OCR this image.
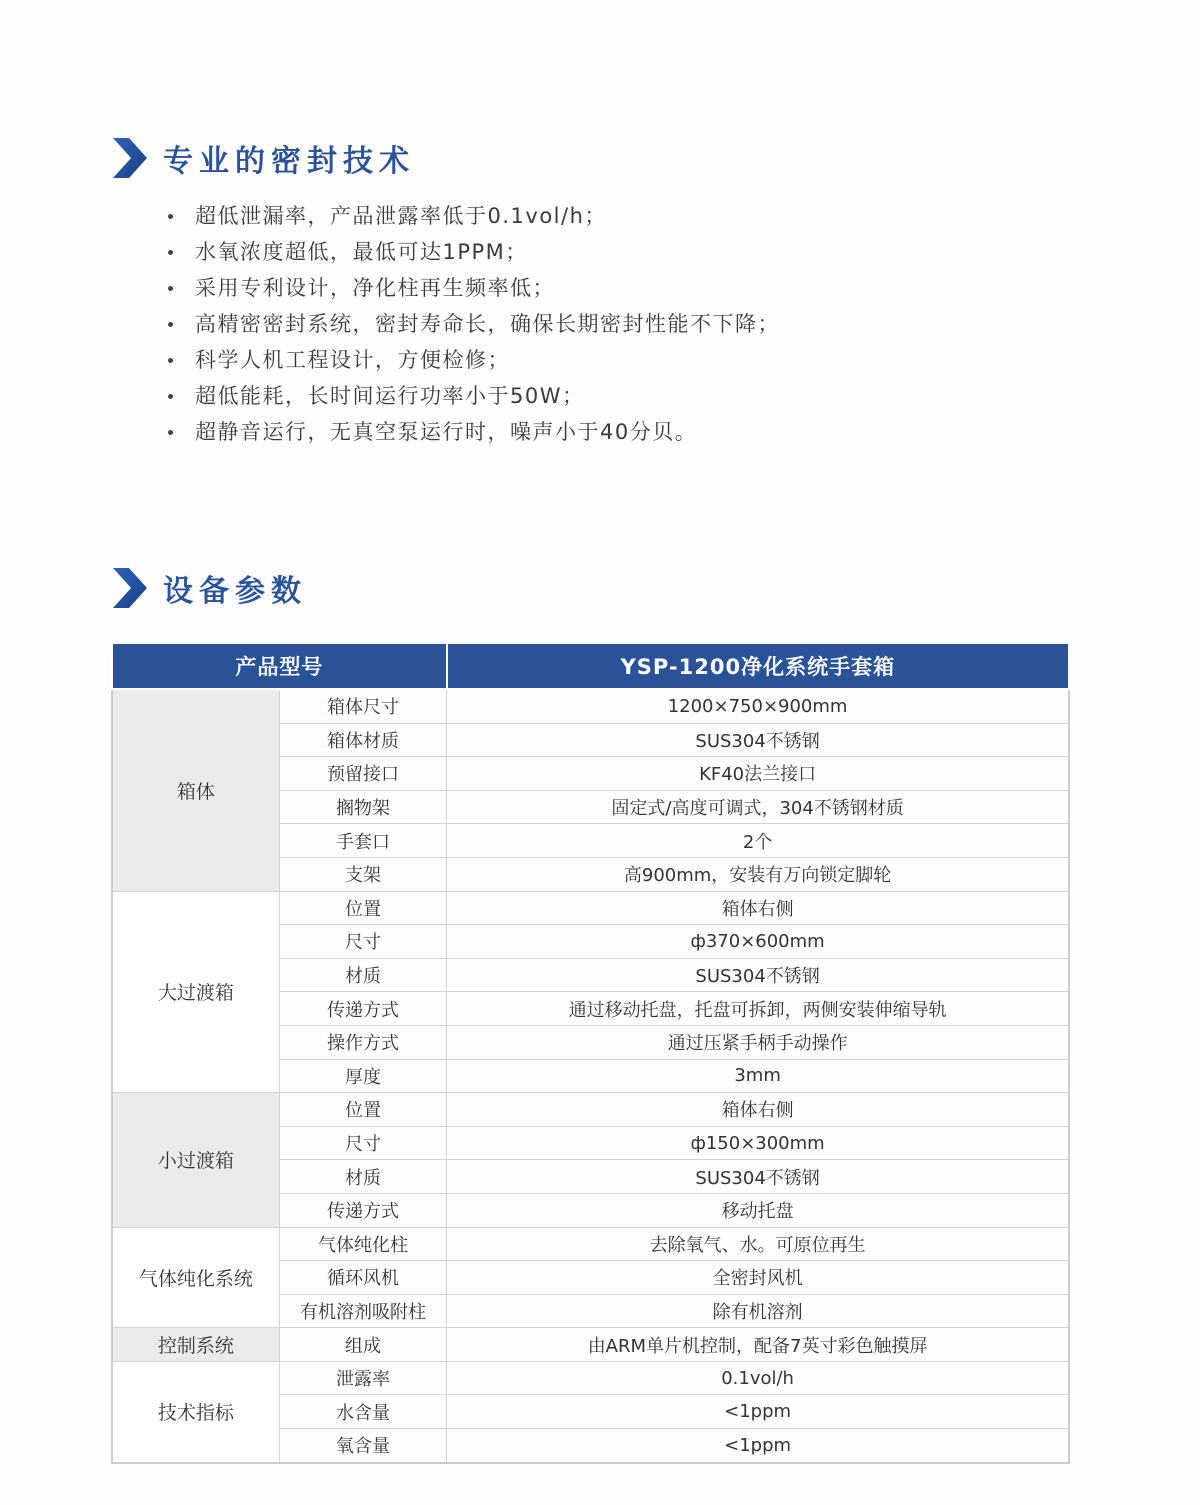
专业的密封技术
超低泄漏率，产品泄露率低于0.1vol/h；
水氧浓度超低，最低可达1PPM；
采用专利设计，净化柱再生频率低；
高精密密封系统，密封寿命长，确保长期密封性能不下降；
科学人机工程设计，方便检修；
超低能耗，长时间运行功率小于50W；
超静音运行，无真空泵运行时，噪声小于40分贝。
设备参数
产品型号		YSP-1200净化系统手套箱
箱体	箱体尺寸	1200×750×900mm
	箱体材质	SUS304不锈钢
	预留接口	KF40法兰接口
	搁物架	固定式/高度可调式，304不锈钢材质
	手套口	2个
	支架	高900mm，安装有万向锁定脚轮
大过渡箱	位置	箱体右侧
	尺寸	ф370×600mm
	材质	SUS304不锈钢
	传递方式	通过移动托盘，托盘可拆卸，两侧安装伸缩导轨
	操作方式	通过压紧手柄手动操作
	厚度	3mm
小过渡箱	位置	箱体右侧
	尺寸	ф150×300mm
	材质	SUS304不锈钢
	传递方式	移动托盘
气体纯化系统	气体纯化柱	去除氧气、水。可原位再生
	循环风机	全密封风机
	有机溶剂吸附柱	除有机溶剂
控制系统	组成	由ARM单片机控制，配备7英寸彩色触摸屏
技术指标	泄露率	0.1vol/h
	水含量	<1ppm
	氧含量	<1ppm
